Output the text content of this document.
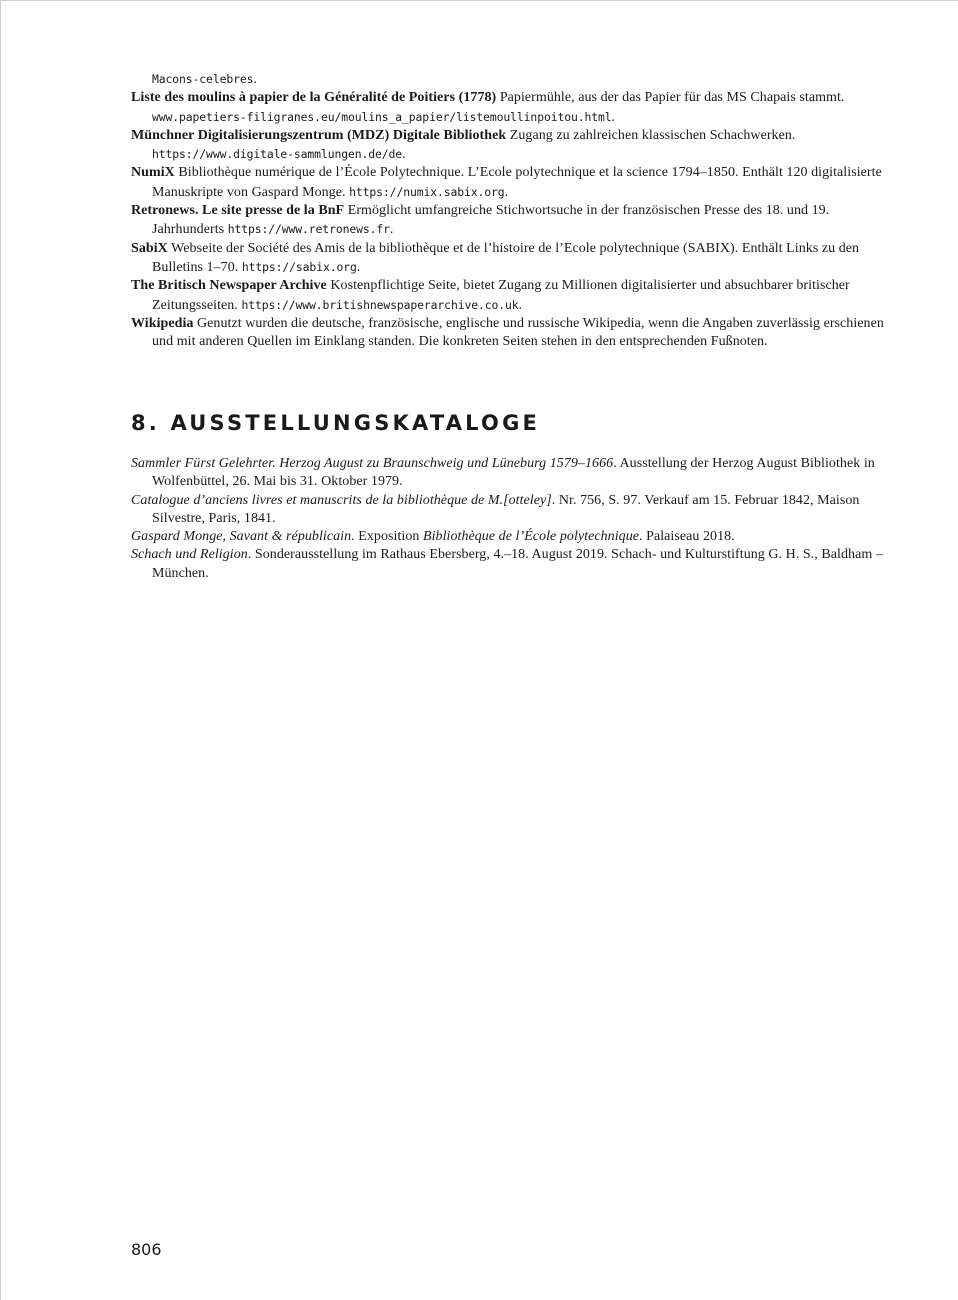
Macons-celebres.
Liste des moulins à papier de la Généralité de Poitiers (1778) Papiermühle, aus der das Papier für das MS Chapais stammt. www.papetiers-filigranes.eu/moulins_a_papier/listemoullinpoitou.html.
Münchner Digitalisierungszentrum (MDZ) Digitale Bibliothek Zugang zu zahlreichen klassischen Schachwerken. https://www.digitale-sammlungen.de/de.
NumiX Bibliothèque numérique de l’École Polytechnique. L’Ecole polytechnique et la science 1794–1850. Enthält 120 digitalisierte Manuskripte von Gaspard Monge. https://numix.sabix.org.
Retronews. Le site presse de la BnF Ermöglicht umfangreiche Stichwortsuche in der französischen Presse des 18. und 19. Jahrhunderts https://www.retronews.fr.
SabiX Webseite der Société des Amis de la bibliothèque et de l’histoire de l’Ecole polytechnique (SABIX). Enthält Links zu den Bulletins 1–70. https://sabix.org.
The Britisch Newspaper Archive Kostenpflichtige Seite, bietet Zugang zu Millionen digitalisierter und absuchbarer britischer Zeitungsseiten. https://www.britishnewspaperarchive.co.uk.
Wikipedia Genutzt wurden die deutsche, französische, englische und russische Wikipedia, wenn die Angaben zuverlässig erschienen und mit anderen Quellen im Einklang standen. Die konkreten Seiten stehen in den entsprechenden Fußnoten.
8. AUSSTELLUNGSKATALOGE
Sammler Fürst Gelehrter. Herzog August zu Braunschweig und Lüneburg 1579–1666. Ausstellung der Herzog August Bibliothek in Wolfenbüttel, 26. Mai bis 31. Oktober 1979.
Catalogue d’anciens livres et manuscrits de la bibliothèque de M.[otteley]. Nr. 756, S. 97. Verkauf am 15. Februar 1842, Maison Silvestre, Paris, 1841.
Gaspard Monge, Savant & républicain. Exposition Bibliothèque de l’École polytechnique. Palaiseau 2018.
Schach und Religion. Sonderausstellung im Rathaus Ebersberg, 4.–18. August 2019. Schach- und Kulturstiftung G. H. S., Baldham – München.
806
